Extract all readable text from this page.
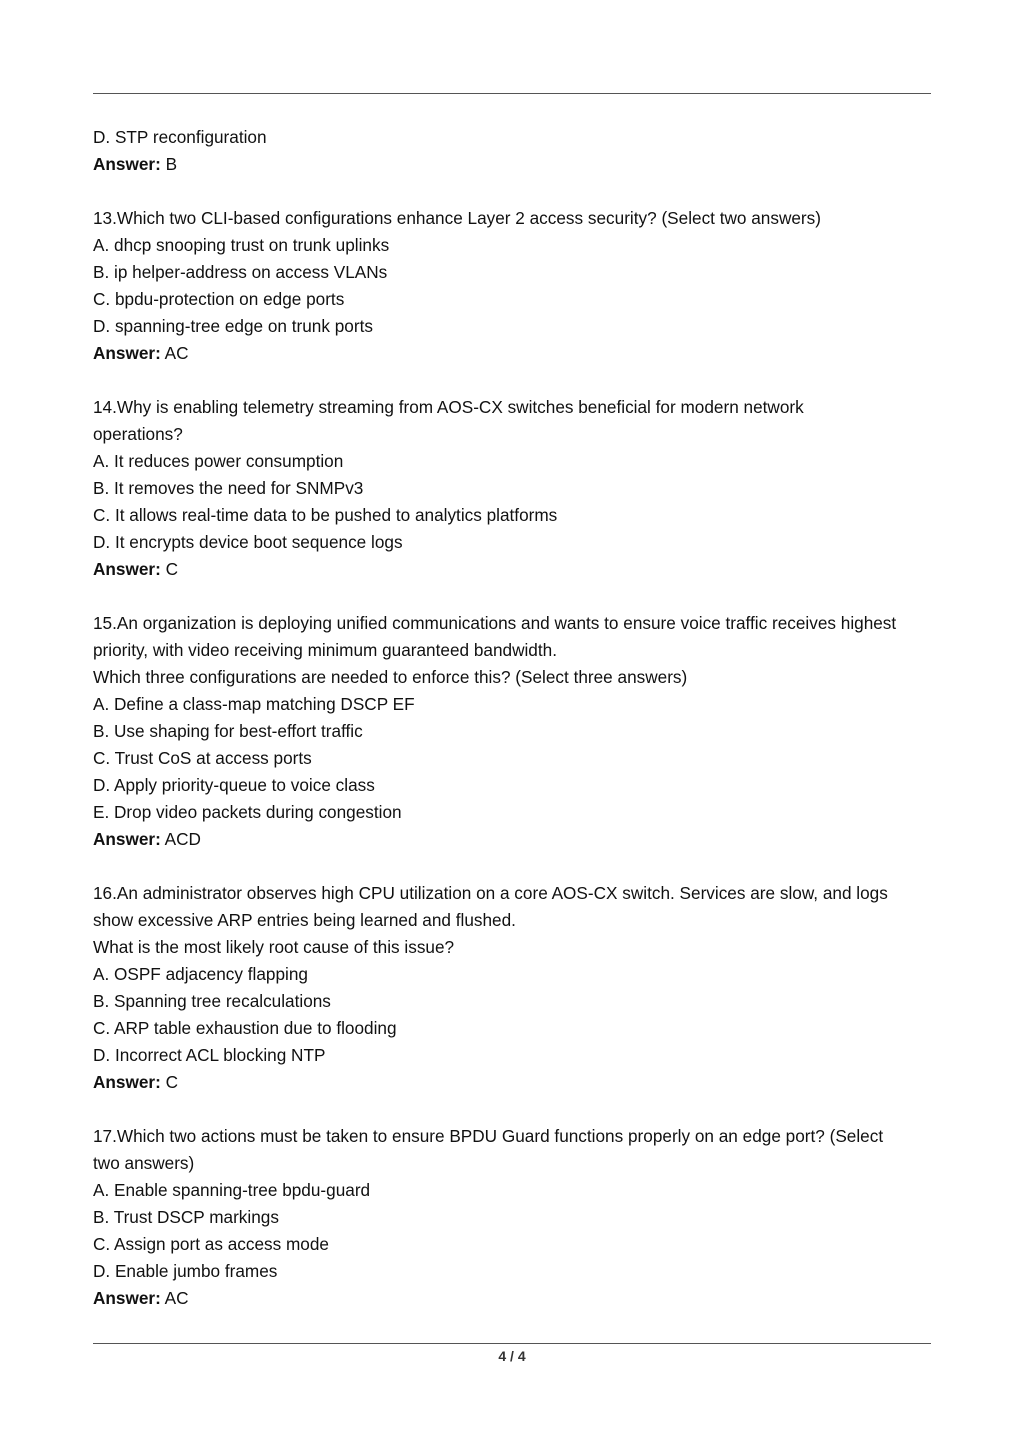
D. STP reconfiguration
Answer: B
13.Which two CLI-based configurations enhance Layer 2 access security? (Select two answers)
A. dhcp snooping trust on trunk uplinks
B. ip helper-address on access VLANs
C. bpdu-protection on edge ports
D. spanning-tree edge on trunk ports
Answer: AC
14.Why is enabling telemetry streaming from AOS-CX switches beneficial for modern network
operations?
A. It reduces power consumption
B. It removes the need for SNMPv3
C. It allows real-time data to be pushed to analytics platforms
D. It encrypts device boot sequence logs
Answer: C
15.An organization is deploying unified communications and wants to ensure voice traffic receives highest
priority, with video receiving minimum guaranteed bandwidth.
Which three configurations are needed to enforce this? (Select three answers)
A. Define a class-map matching DSCP EF
B. Use shaping for best-effort traffic
C. Trust CoS at access ports
D. Apply priority-queue to voice class
E. Drop video packets during congestion
Answer: ACD
16.An administrator observes high CPU utilization on a core AOS-CX switch. Services are slow, and logs
show excessive ARP entries being learned and flushed.
What is the most likely root cause of this issue?
A. OSPF adjacency flapping
B. Spanning tree recalculations
C. ARP table exhaustion due to flooding
D. Incorrect ACL blocking NTP
Answer: C
17.Which two actions must be taken to ensure BPDU Guard functions properly on an edge port? (Select
two answers)
A. Enable spanning-tree bpdu-guard
B. Trust DSCP markings
C. Assign port as access mode
D. Enable jumbo frames
Answer: AC
4 / 4
